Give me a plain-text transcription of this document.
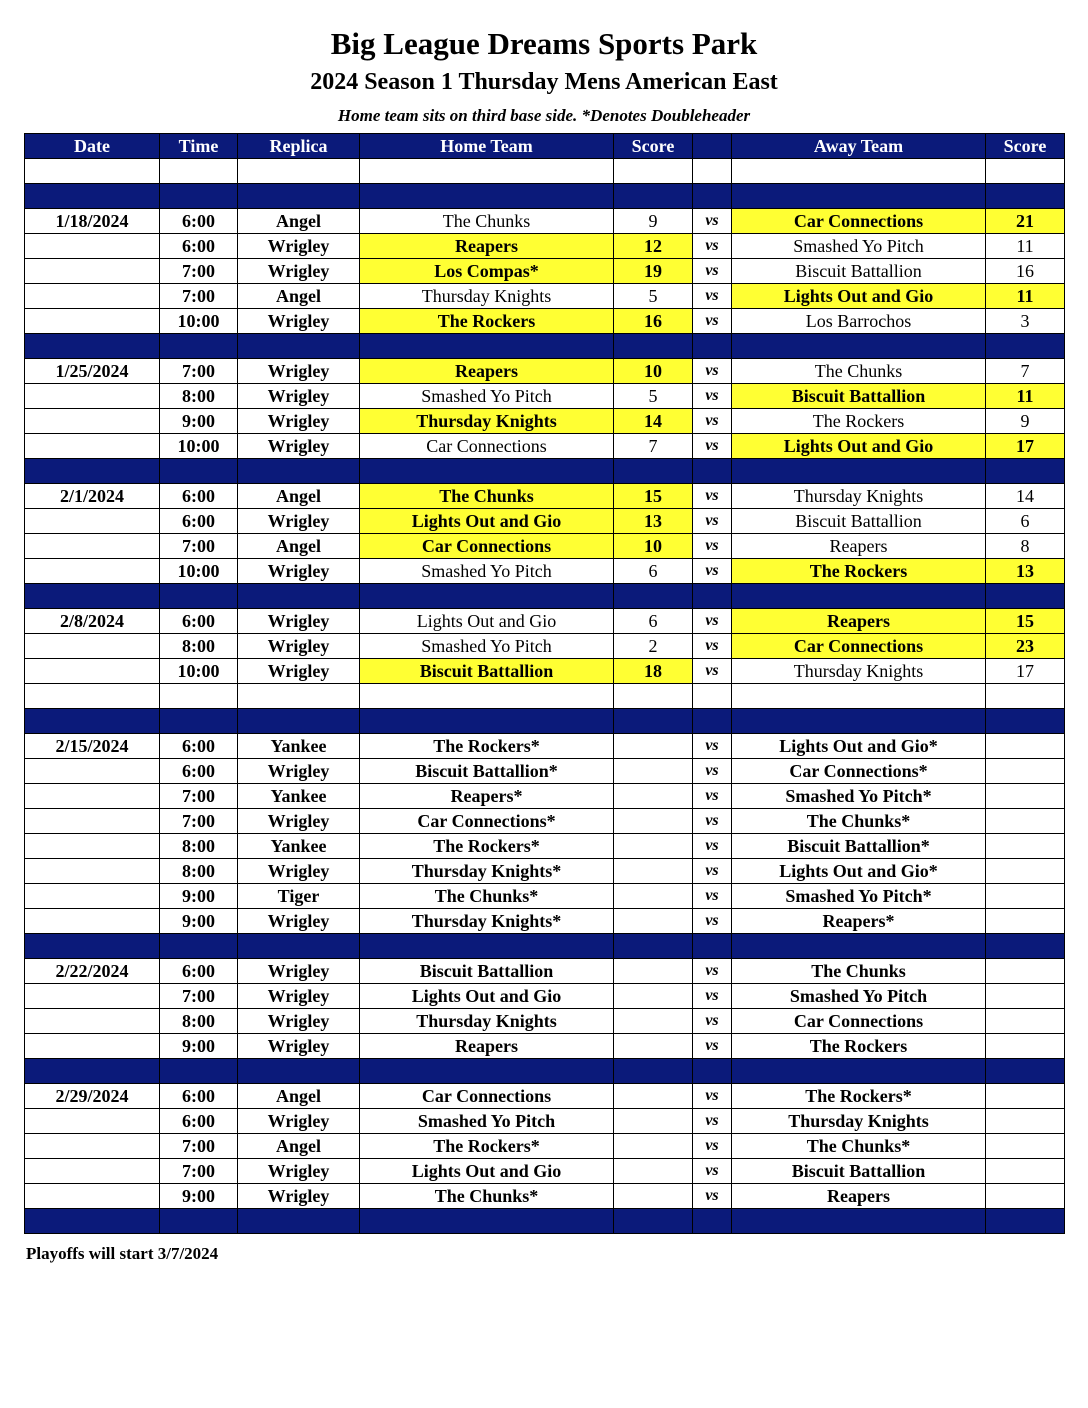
Big League Dreams Sports Park
2024 Season 1 Thursday Mens American East
Home team sits on third base side. *Denotes Doubleheader
Date	Time	Replica	Home Team	Score		Away Team	Score

1/18/2024	6:00	Angel	The Chunks	9	vs	Car Connections	21
	6:00	Wrigley	Reapers	12	vs	Smashed Yo Pitch	11
	7:00	Wrigley	Los Compas*	19	vs	Biscuit Battallion	16
	7:00	Angel	Thursday Knights	5	vs	Lights Out and Gio	11
	10:00	Wrigley	The Rockers	16	vs	Los Barrochos	3

1/25/2024	7:00	Wrigley	Reapers	10	vs	The Chunks	7
	8:00	Wrigley	Smashed Yo Pitch	5	vs	Biscuit Battallion	11
	9:00	Wrigley	Thursday Knights	14	vs	The Rockers	9
	10:00	Wrigley	Car Connections	7	vs	Lights Out and Gio	17

2/1/2024	6:00	Angel	The Chunks	15	vs	Thursday Knights	14
	6:00	Wrigley	Lights Out and Gio	13	vs	Biscuit Battallion	6
	7:00	Angel	Car Connections	10	vs	Reapers	8
	10:00	Wrigley	Smashed Yo Pitch	6	vs	The Rockers	13

2/8/2024	6:00	Wrigley	Lights Out and Gio	6	vs	Reapers	15
	8:00	Wrigley	Smashed Yo Pitch	2	vs	Car Connections	23
	10:00	Wrigley	Biscuit Battallion	18	vs	Thursday Knights	17

2/15/2024	6:00	Yankee	The Rockers*		vs	Lights Out and Gio*	
	6:00	Wrigley	Biscuit Battallion*		vs	Car Connections*	
	7:00	Yankee	Reapers*		vs	Smashed Yo Pitch*	
	7:00	Wrigley	Car Connections*		vs	The Chunks*	
	8:00	Yankee	The Rockers*		vs	Biscuit Battallion*	
	8:00	Wrigley	Thursday Knights*		vs	Lights Out and Gio*	
	9:00	Tiger	The Chunks*		vs	Smashed Yo Pitch*	
	9:00	Wrigley	Thursday Knights*		vs	Reapers*	

2/22/2024	6:00	Wrigley	Biscuit Battallion		vs	The Chunks	
	7:00	Wrigley	Lights Out and Gio		vs	Smashed Yo Pitch	
	8:00	Wrigley	Thursday Knights		vs	Car Connections	
	9:00	Wrigley	Reapers		vs	The Rockers	

2/29/2024	6:00	Angel	Car Connections		vs	The Rockers*	
	6:00	Wrigley	Smashed Yo Pitch		vs	Thursday Knights	
	7:00	Angel	The Rockers*		vs	The Chunks*	
	7:00	Wrigley	Lights Out and Gio		vs	Biscuit Battallion	
	9:00	Wrigley	The Chunks*		vs	Reapers	

Playoffs will start 3/7/2024
